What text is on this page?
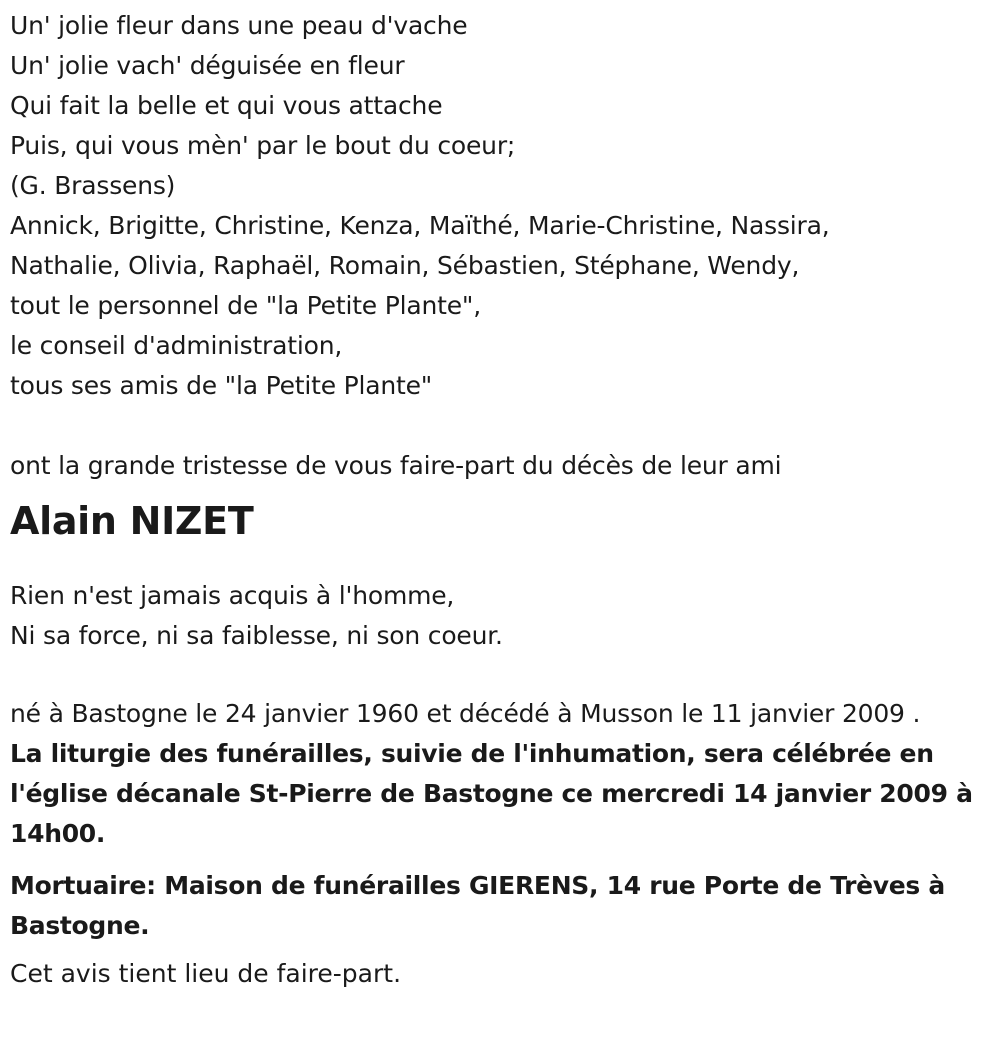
Un' jolie fleur dans une peau d'vache
Un' jolie vach' déguisée en fleur
Qui fait la belle et qui vous attache
Puis, qui vous mèn' par le bout du coeur;
(G. Brassens)
Annick, Brigitte, Christine, Kenza, Maïthé, Marie-Christine, Nassira,
Nathalie, Olivia, Raphaël, Romain, Sébastien, Stéphane, Wendy,
tout le personnel de "la Petite Plante",
le conseil d'administration,
tous ses amis de "la Petite Plante"
ont la grande tristesse de vous faire-part du décès de leur ami
Alain NIZET
Rien n'est jamais acquis à l'homme,
Ni sa force, ni sa faiblesse, ni son coeur.
né à Bastogne le 24 janvier 1960 et décédé à Musson le 11 janvier 2009 .
La liturgie des funérailles, suivie de l'inhumation, sera célébrée en l'église décanale St-Pierre de Bastogne ce mercredi 14 janvier 2009 à 14h00.
Mortuaire: Maison de funérailles GIERENS, 14 rue Porte de Trèves à Bastogne.
Cet avis tient lieu de faire-part.
